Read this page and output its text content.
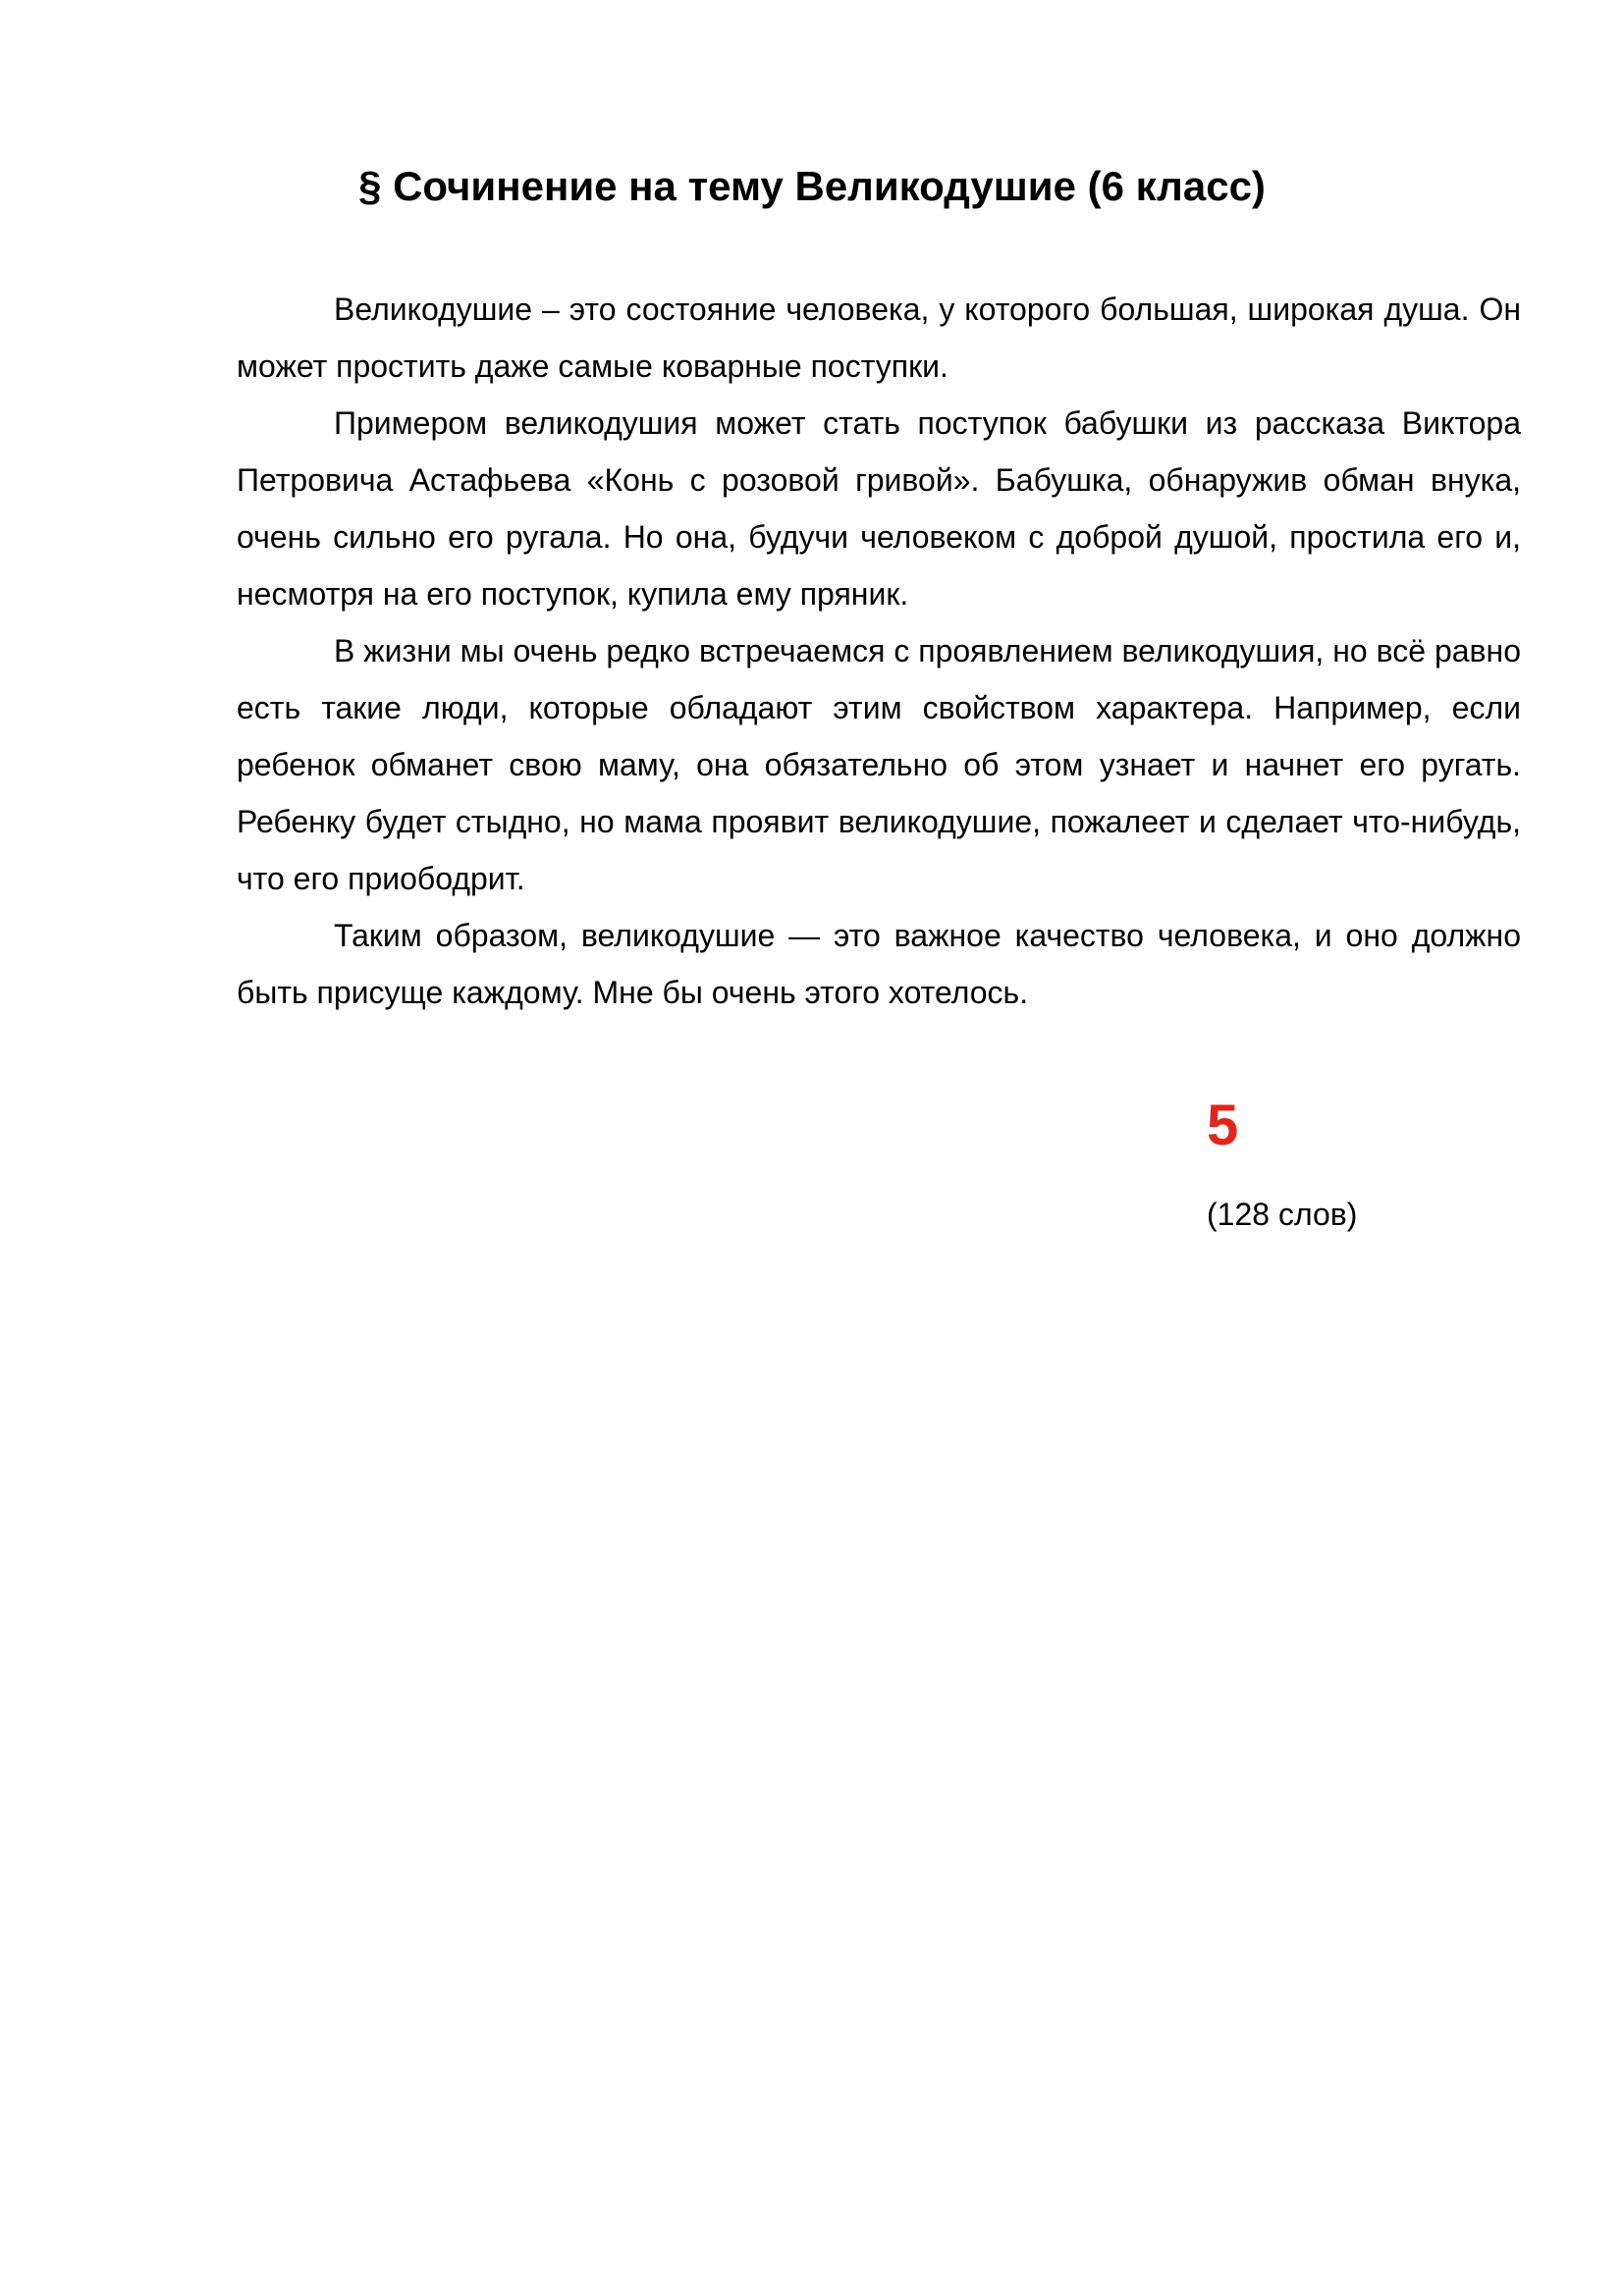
§ Сочинение на тему Великодушие (6 класс)

Великодушие – это состояние человека, у которого большая, широкая душа. Он может простить даже самые коварные поступки.

Примером великодушия может стать поступок бабушки из рассказа Виктора Петровича Астафьева «Конь с розовой гривой». Бабушка, обнаружив обман внука, очень сильно его ругала. Но она, будучи человеком с доброй душой, простила его и, несмотря на его поступок, купила ему пряник.

В жизни мы очень редко встречаемся с проявлением великодушия, но всё равно есть такие люди, которые обладают этим свойством характера. Например, если ребенок обманет свою маму, она обязательно об этом узнает и начнет его ругать. Ребенку будет стыдно, но мама проявит великодушие, пожалеет и сделает что-нибудь, что его приободрит.

Таким образом, великодушие — это важное качество человека, и оно должно быть присуще каждому. Мне бы очень этого хотелось.

5
(128 слов)
